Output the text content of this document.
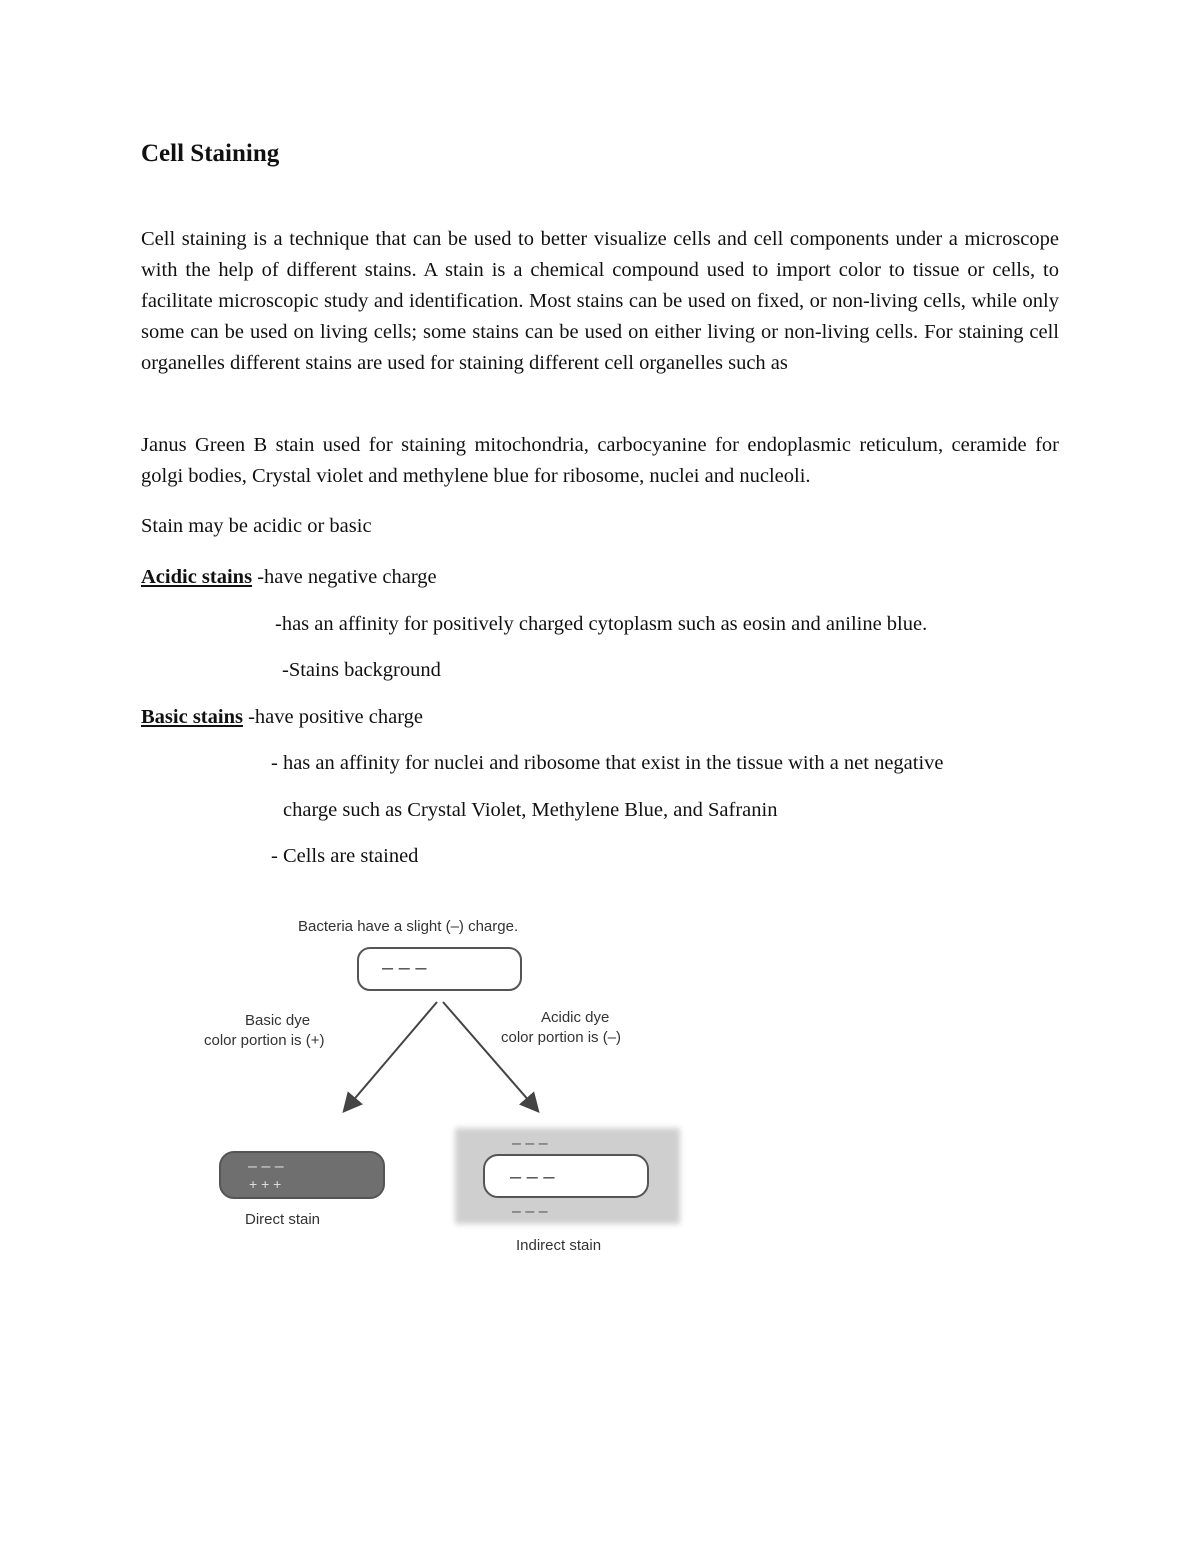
Cell Staining

Cell staining is a technique that can be used to better visualize cells and cell components under a microscope with the help of different stains. A stain is a chemical compound used to import color to tissue or cells, to facilitate microscopic study and identification. Most stains can be used on fixed, or non-living cells, while only some can be used on living cells; some stains can be used on either living or non-living cells. For staining cell organelles different stains are used for staining different cell organelles such as

Janus Green B stain used for staining mitochondria, carbocyanine for endoplasmic reticulum, ceramide for golgi bodies, Crystal violet and methylene blue for ribosome, nuclei and nucleoli.

Stain may be acidic or basic

Acidic stains -have negative charge

-has an affinity for positively charged cytoplasm such as eosin and aniline blue.

-Stains background

Basic stains -have positive charge

- has an affinity for nuclei and ribosome that exist in the tissue with a net negative

charge such as Crystal Violet, Methylene Blue, and Safranin

- Cells are stained

Bacteria have a slight (–) charge.
– – –
Basic dye
color portion is (+)
Acidic dye
color portion is (–)
– – –
+ + +
Direct stain
– – –
– – –
– – –
Indirect stain
